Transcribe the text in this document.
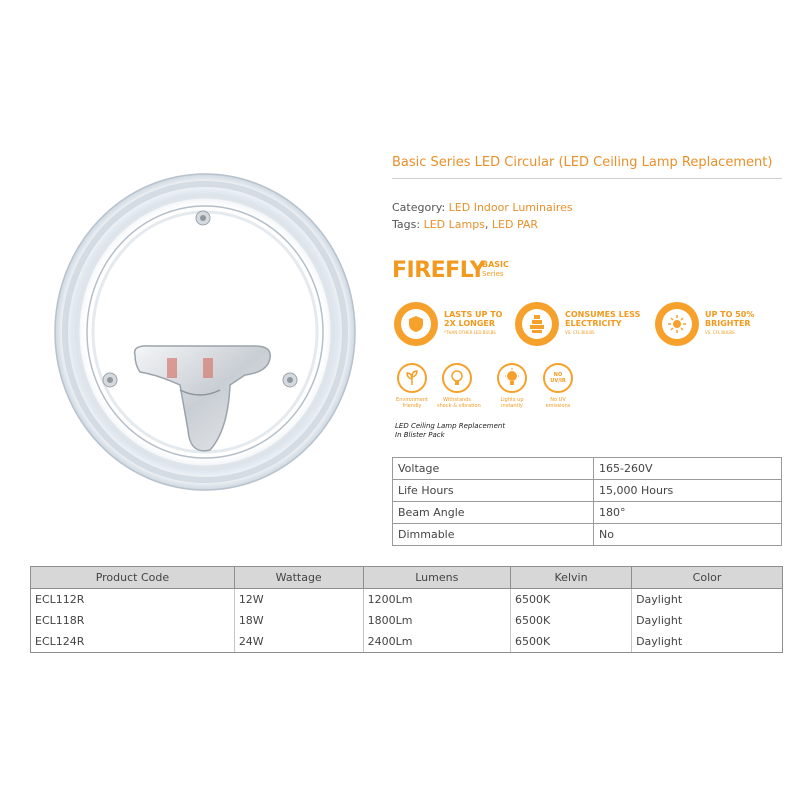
Basic Series LED Circular (LED Ceiling Lamp Replacement)
Category: LED Indoor Luminaires
Tags: LED Lamps, LED PAR
FIREFLY
BASIC
Series
LASTS UP TO
2X LONGER
*THAN OTHER LED BULBS
CONSUMES LESS
ELECTRICITY
VS. CFL BULBS
UP TO 50%
BRIGHTER
VS. CFL BULBS
Environment
friendly
Withstands
shock & vibration
Lights up
instantly
NO UV/IR
No UV
emissions
LED Ceiling Lamp Replacement
In Blister Pack
Voltage	165-260V
Life Hours	15,000 Hours
Beam Angle	180°
Dimmable	No
Product Code	Wattage	Lumens	Kelvin	Color
ECL112R	12W	1200Lm	6500K	Daylight
ECL118R	18W	1800Lm	6500K	Daylight
ECL124R	24W	2400Lm	6500K	Daylight
